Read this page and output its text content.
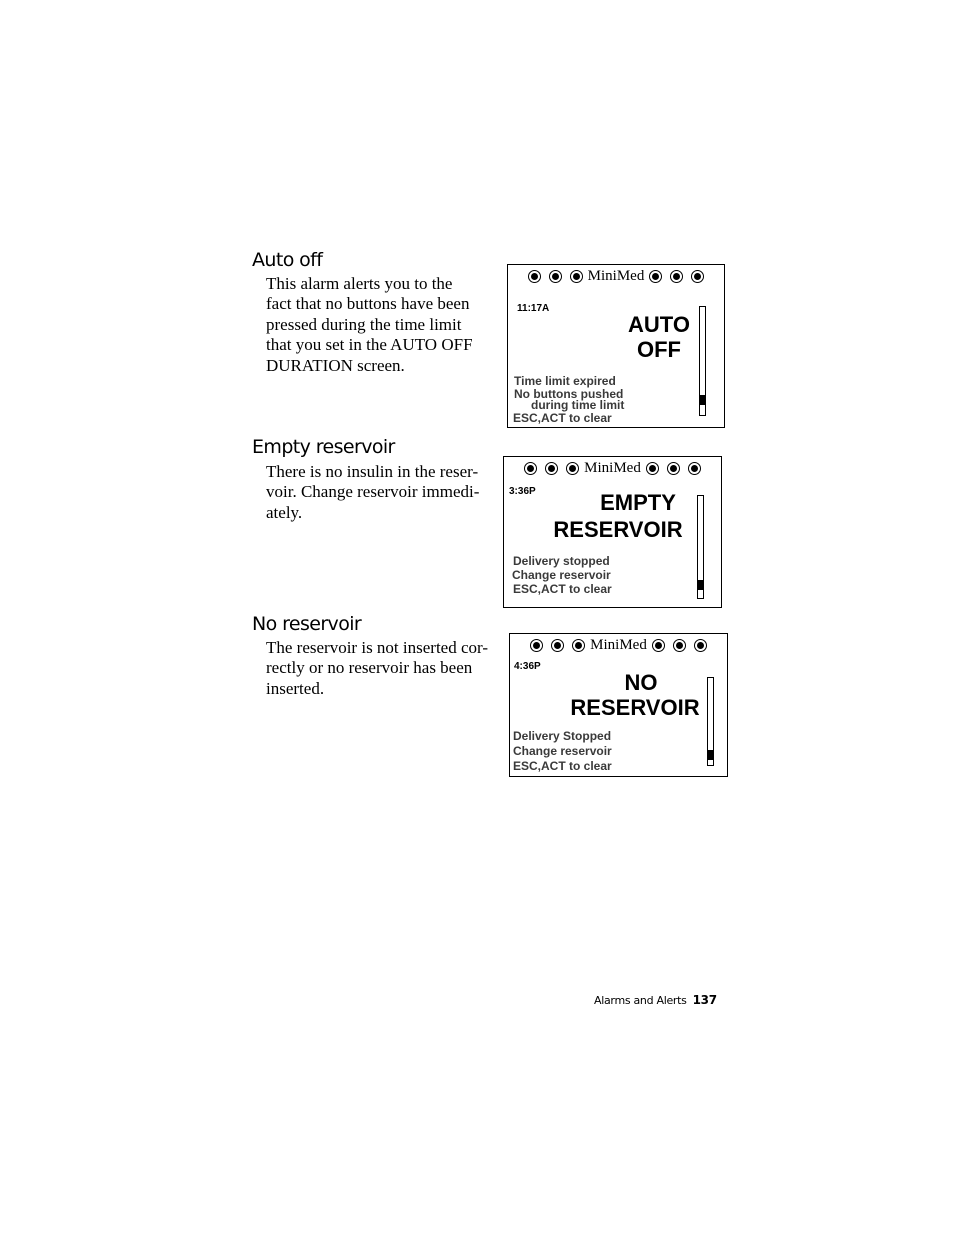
Auto off

This alarm alerts you to the
fact that no buttons have been
pressed during the time limit
that you set in the AUTO OFF
DURATION screen.

MiniMed
11:17A
AUTO
OFF
Time limit expired
No buttons pushed
during time limit
ESC,ACT to clear
Empty reservoir

There is no insulin in the reser-
voir. Change reservoir immedi-
ately.

MiniMed
3:36P	EMPTY
RESERVOIR
Delivery stopped
Change reservoir
ESC,ACT to clear
No reservoir

The reservoir is not inserted cor-
rectly or no reservoir has been
inserted.

MiniMed
4:36P
NO
RESERVOIR
Delivery Stopped
Change reservoir
ESC,ACT to clear
Alarms and Alerts 137
